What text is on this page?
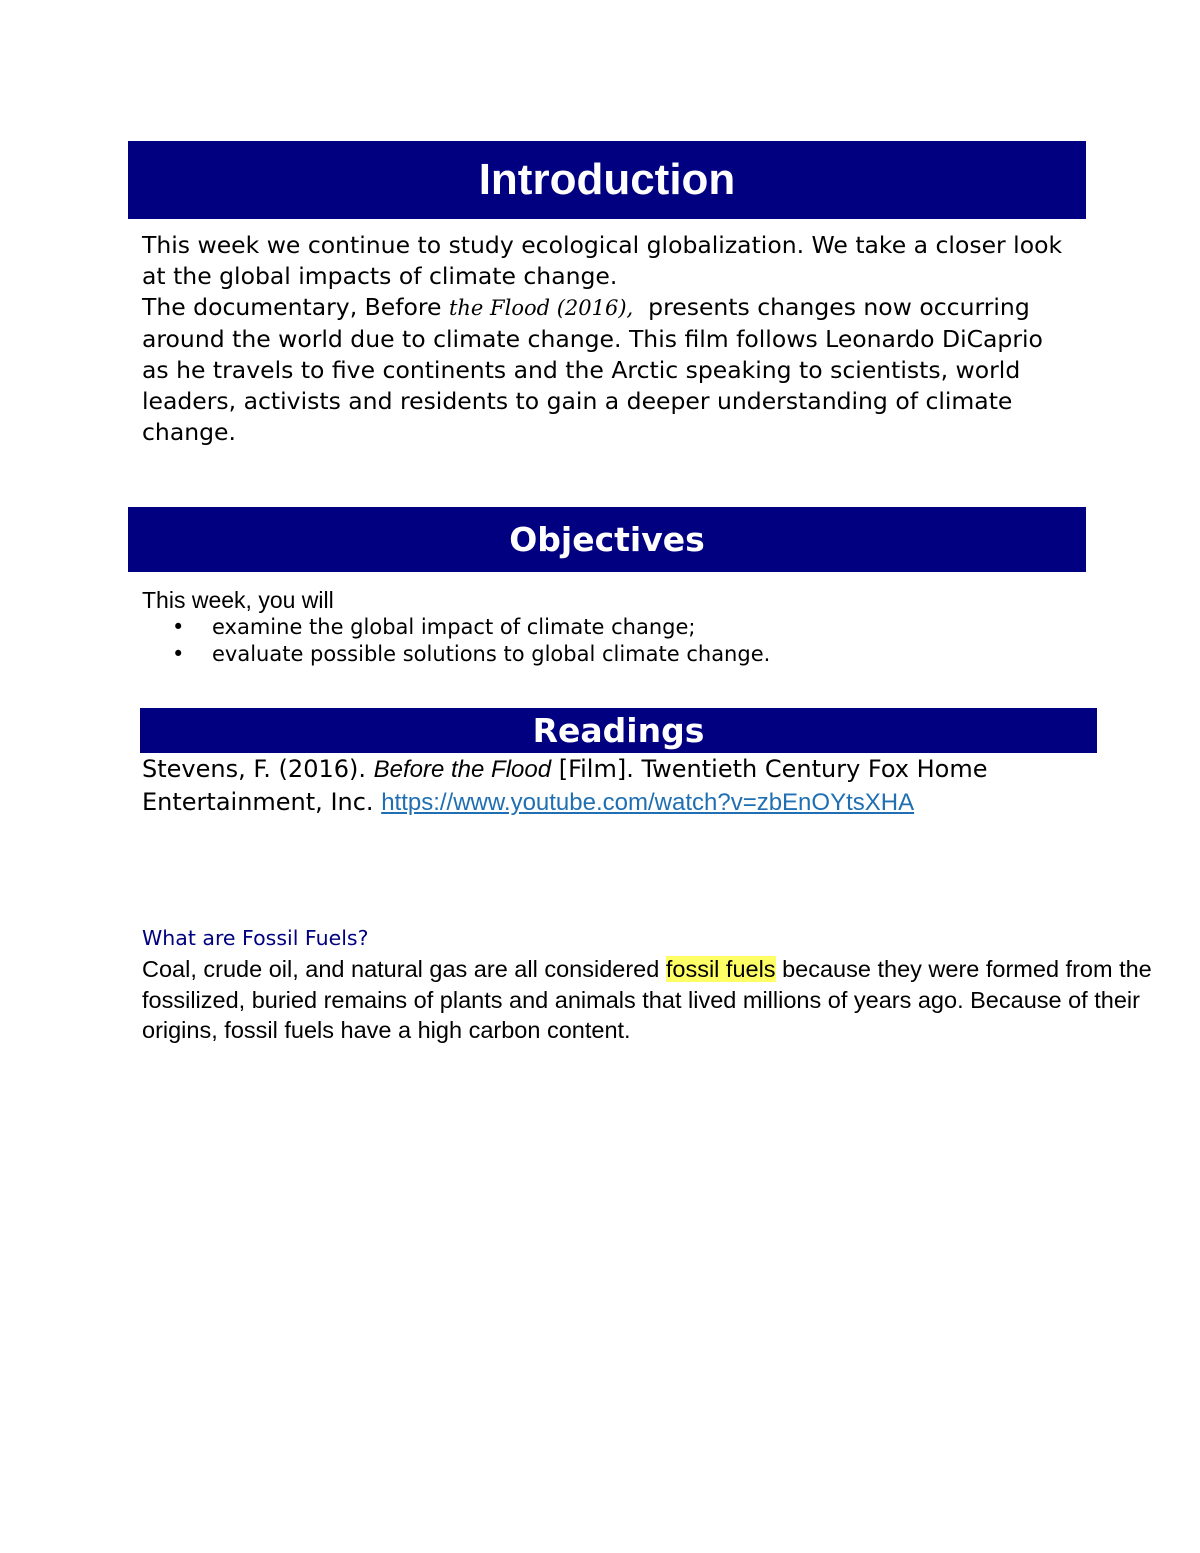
Introduction

This week we continue to study ecological globalization. We take a closer look at the global impacts of climate change.

The documentary, Before the Flood (2016),  presents changes now occurring around the world due to climate change. This film follows Leonardo DiCaprio as he travels to five continents and the Arctic speaking to scientists, world leaders, activists and residents to gain a deeper understanding of climate change.

Objectives
This week, you will
• examine the global impact of climate change;
• evaluate possible solutions to global climate change.
Readings
Stevens, F. (2016). Before the Flood [Film]. Twentieth Century Fox Home Entertainment, Inc. https://www.youtube.com/watch?v=zbEnOYtsXHA
What are Fossil Fuels?
Coal, crude oil, and natural gas are all considered fossil fuels because they were formed from the fossilized, buried remains of plants and animals that lived millions of years ago. Because of their origins, fossil fuels have a high carbon content.
